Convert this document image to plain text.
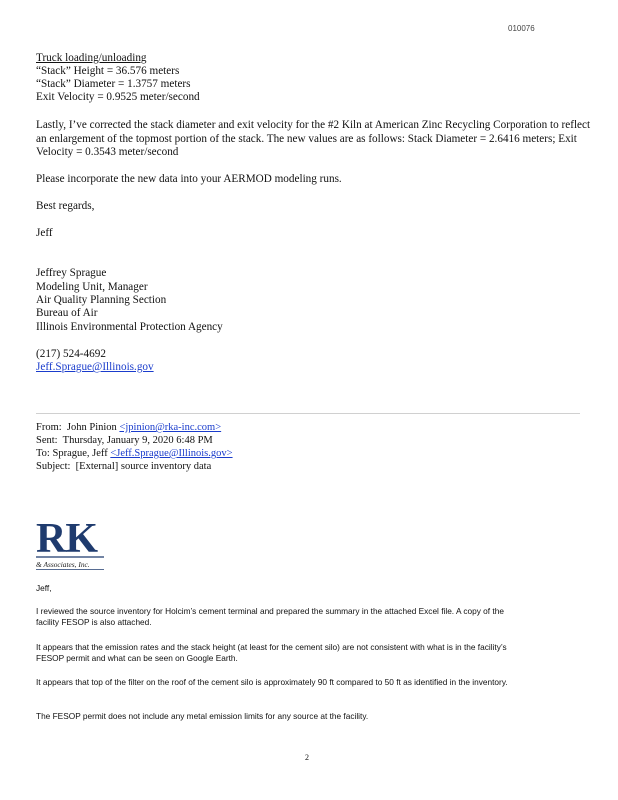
010076
Truck loading/unloading
“Stack” Height = 36.576 meters
“Stack” Diameter = 1.3757 meters
Exit Velocity = 0.9525 meter/second
Lastly, I’ve corrected the stack diameter and exit velocity for the #2 Kiln at American Zinc Recycling Corporation to reflect an enlargement of the topmost portion of the stack. The new values are as follows: Stack Diameter = 2.6416 meters; Exit Velocity = 0.3543 meter/second
Please incorporate the new data into your AERMOD modeling runs.
Best regards,
Jeff
Jeffrey Sprague
Modeling Unit, Manager
Air Quality Planning Section
Bureau of Air
Illinois Environmental Protection Agency
(217) 524-4692
Jeff.Sprague@Illinois.gov
From: John Pinion <jpinion@rka-inc.com>
Sent: Thursday, January 9, 2020 6:48 PM
To: Sprague, Jeff <Jeff.Sprague@Illinois.gov>
Subject: [External] source inventory data
RK
& Associates, Inc.
Jeff,
I reviewed the source inventory for Holcim’s cement terminal and prepared the summary in the attached Excel file. A copy of the facility FESOP is also attached.
It appears that the emission rates and the stack height (at least for the cement silo) are not consistent with what is in the facility’s FESOP permit and what can be seen on Google Earth.
It appears that top of the filter on the roof of the cement silo is approximately 90 ft compared to 50 ft as identified in the inventory.
The FESOP permit does not include any metal emission limits for any source at the facility.
2
